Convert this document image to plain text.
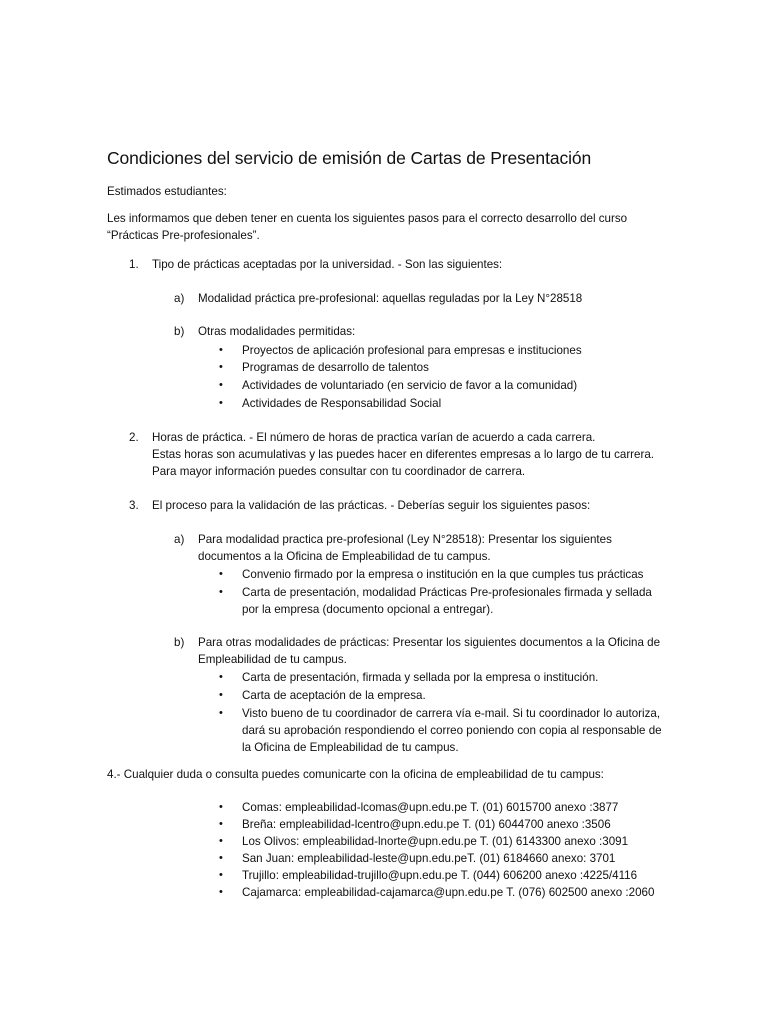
Condiciones del servicio de emisión de Cartas de Presentación
Estimados estudiantes:
Les informamos que deben tener en cuenta los siguientes pasos para el correcto desarrollo del curso
“Prácticas Pre-profesionales”.
1. Tipo de prácticas aceptadas por la universidad. - Son las siguientes:
a) Modalidad práctica pre-profesional: aquellas reguladas por la Ley N°28518
b) Otras modalidades permitidas:
• Proyectos de aplicación profesional para empresas e instituciones
• Programas de desarrollo de talentos
• Actividades de voluntariado (en servicio de favor a la comunidad)
• Actividades de Responsabilidad Social
2. Horas de práctica. - El número de horas de practica varían de acuerdo a cada carrera.
Estas horas son acumulativas y las puedes hacer en diferentes empresas a lo largo de tu carrera.
Para mayor información puedes consultar con tu coordinador de carrera.
3. El proceso para la validación de las prácticas. - Deberías seguir los siguientes pasos:
a) Para modalidad practica pre-profesional (Ley N°28518): Presentar los siguientes
documentos a la Oficina de Empleabilidad de tu campus.
• Convenio firmado por la empresa o institución en la que cumples tus prácticas
• Carta de presentación, modalidad Prácticas Pre-profesionales firmada y sellada
por la empresa (documento opcional a entregar).
b) Para otras modalidades de prácticas: Presentar los siguientes documentos a la Oficina de
Empleabilidad de tu campus.
• Carta de presentación, firmada y sellada por la empresa o institución.
• Carta de aceptación de la empresa.
• Visto bueno de tu coordinador de carrera vía e-mail. Si tu coordinador lo autoriza,
dará su aprobación respondiendo el correo poniendo con copia al responsable de
la Oficina de Empleabilidad de tu campus.
4.- Cualquier duda o consulta puedes comunicarte con la oficina de empleabilidad de tu campus:
• Comas: empleabilidad-lcomas@upn.edu.pe T. (01) 6015700 anexo :3877
• Breña: empleabilidad-lcentro@upn.edu.pe T. (01) 6044700 anexo :3506
• Los Olivos: empleabilidad-lnorte@upn.edu.pe T. (01) 6143300 anexo :3091
• San Juan: empleabilidad-leste@upn.edu.peT. (01) 6184660 anexo: 3701
• Trujillo: empleabilidad-trujillo@upn.edu.pe T. (044) 606200 anexo :4225/4116
• Cajamarca: empleabilidad-cajamarca@upn.edu.pe T. (076) 602500 anexo :2060
